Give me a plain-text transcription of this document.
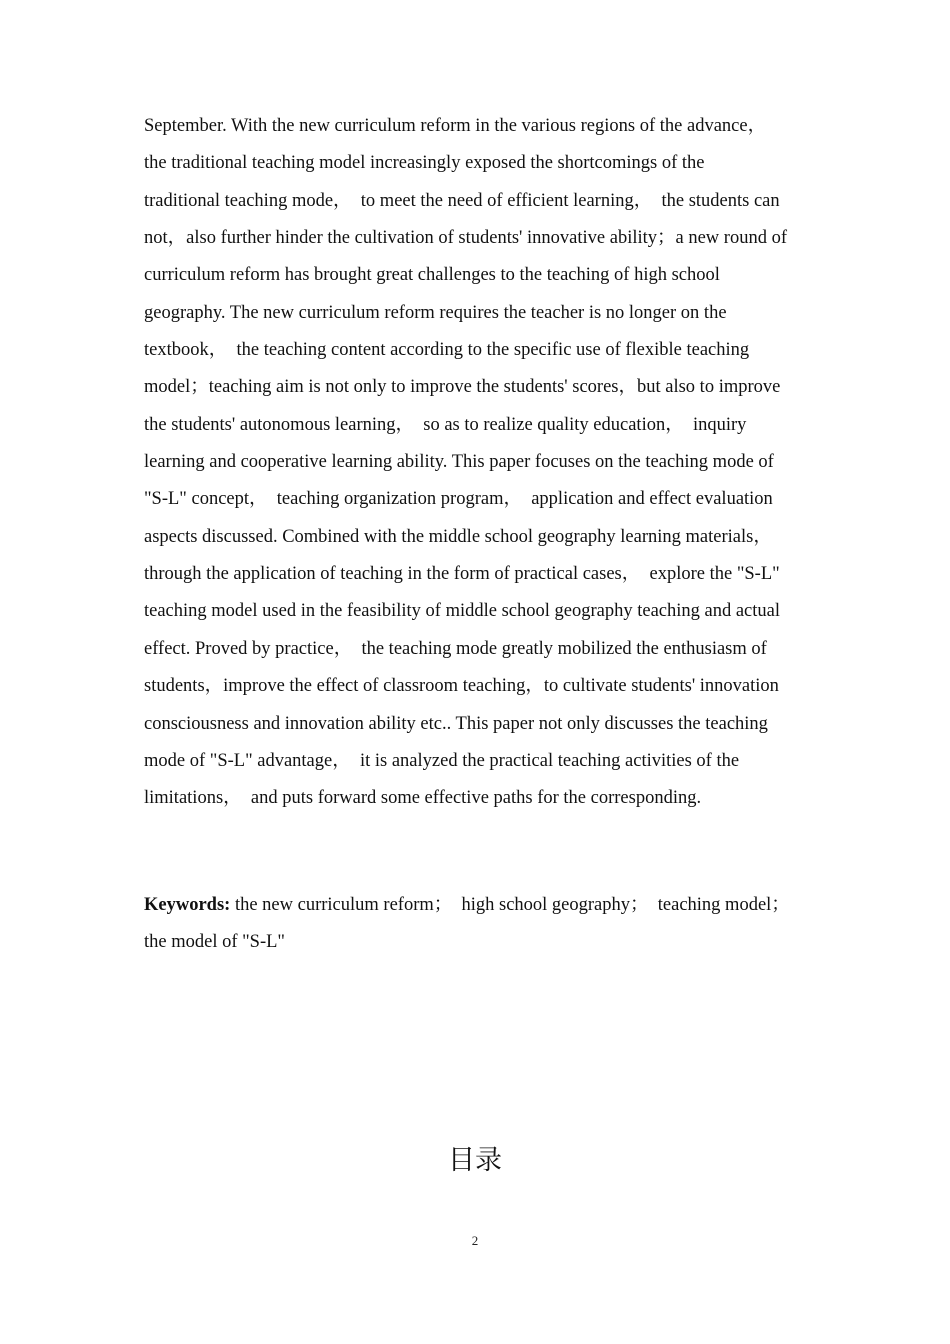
September. With the new curriculum reform in the various regions of the advance，
the traditional teaching model increasingly exposed the shortcomings of the
traditional teaching mode，  to meet the need of efficient learning，  the students can
not，also further hinder the cultivation of students' innovative ability；a new round of
curriculum reform has brought great challenges to the teaching of high school
geography. The new curriculum reform requires the teacher is no longer on the
textbook，  the teaching content according to the specific use of flexible teaching
model；teaching aim is not only to improve the students' scores，but also to improve
the students' autonomous learning，  so as to realize quality education，  inquiry
learning and cooperative learning ability. This paper focuses on the teaching mode of
"S-L" concept，  teaching organization program，  application and effect evaluation
aspects discussed. Combined with the middle school geography learning materials，
through the application of teaching in the form of practical cases，  explore the "S-L"
teaching model used in the feasibility of middle school geography teaching and actual
effect. Proved by practice，  the teaching mode greatly mobilized the enthusiasm of
students，improve the effect of classroom teaching，to cultivate students' innovation
consciousness and innovation ability etc.. This paper not only discusses the teaching
mode of "S-L" advantage，  it is analyzed the practical teaching activities of the
limitations，  and puts forward some effective paths for the corresponding.
Keywords: the new curriculum reform；  high school geography；  teaching model；
the model of "S-L"
目录
2
